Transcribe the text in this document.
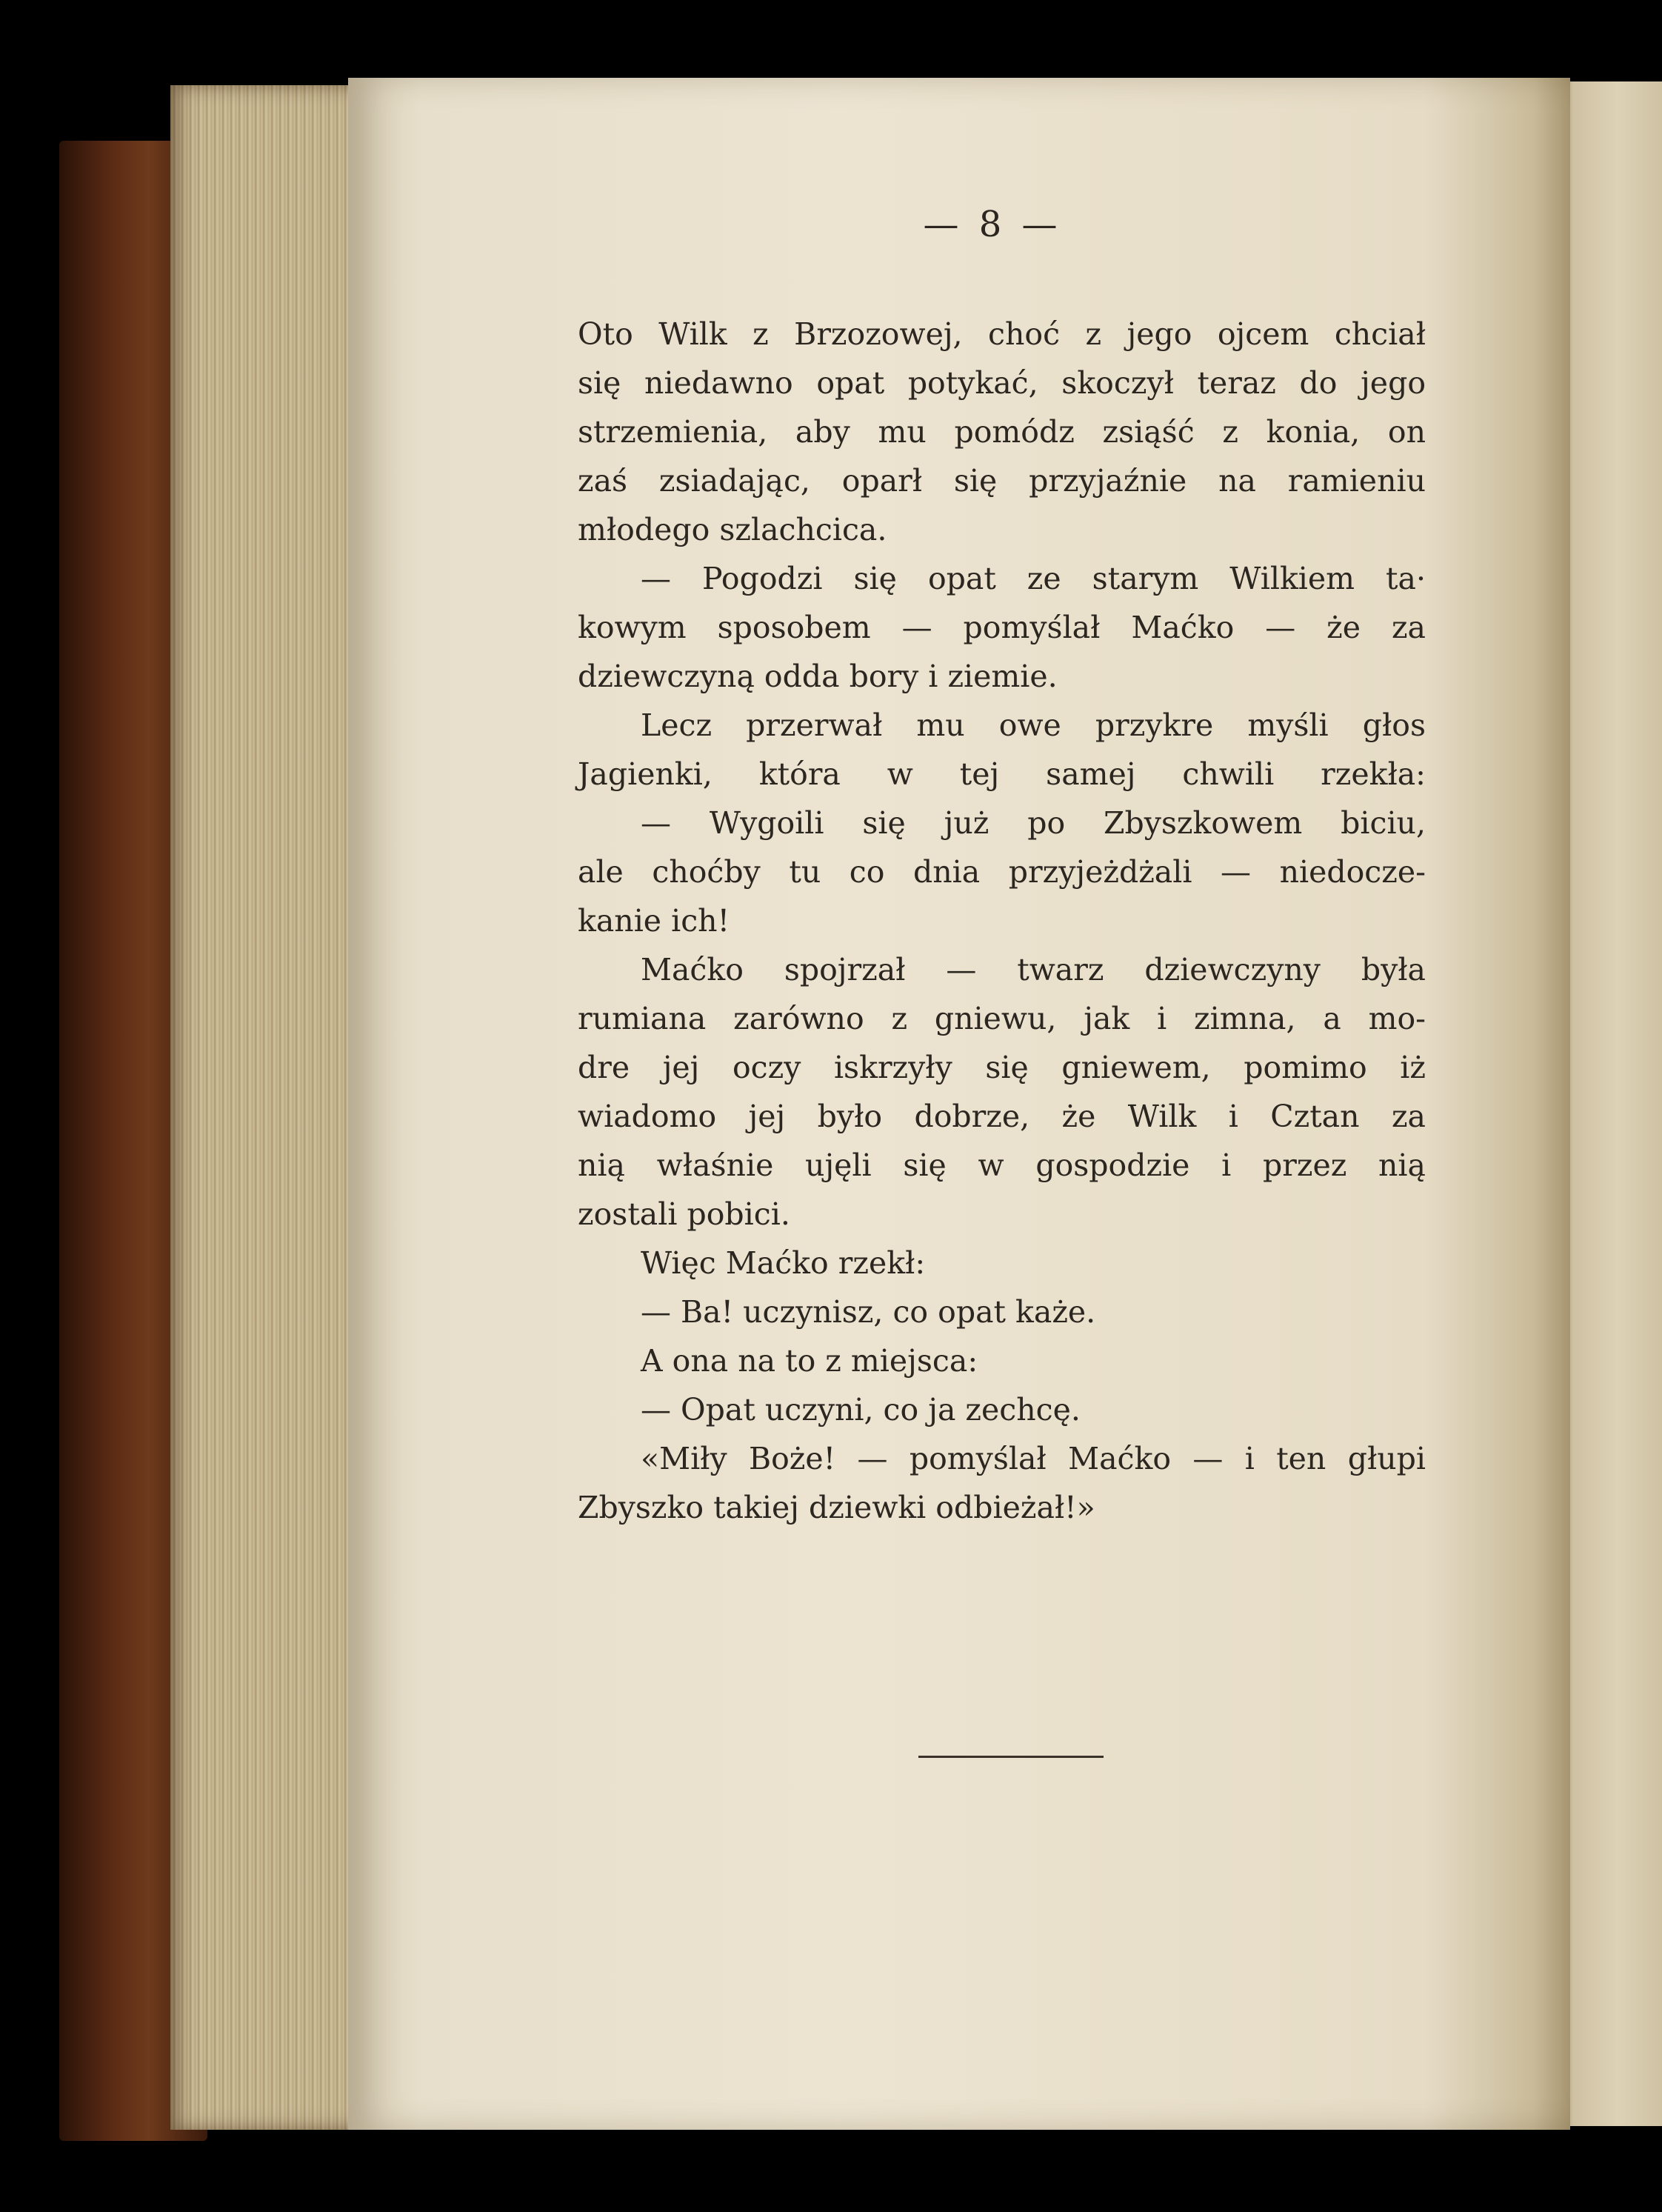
— 8 —
Oto Wilk z Brzozowej, choć z jego ojcem chciał
się niedawno opat potykać, skoczył teraz do jego
strzemienia, aby mu pomódz zsiąść z konia, on
zaś zsiadając, oparł się przyjaźnie na ramieniu
młodego szlachcica.
— Pogodzi się opat ze starym Wilkiem ta·
kowym sposobem — pomyślał Maćko — że za
dziewczyną odda bory i ziemie.
Lecz przerwał mu owe przykre myśli głos
Jagienki, która w tej samej chwili rzekła:
— Wygoili się już po Zbyszkowem biciu,
ale choćby tu co dnia przyjeżdżali — niedocze-
kanie ich!
Maćko spojrzał — twarz dziewczyny była
rumiana zarówno z gniewu, jak i zimna, a mo-
dre jej oczy iskrzyły się gniewem, pomimo iż
wiadomo jej było dobrze, że Wilk i Cztan za
nią właśnie ujęli się w gospodzie i przez nią
zostali pobici.
Więc Maćko rzekł:
— Ba! uczynisz, co opat każe.
A ona na to z miejsca:
— Opat uczyni, co ja zechcę.
«Miły Boże! — pomyślał Maćko — i ten głupi
Zbyszko takiej dziewki odbieżał!»
